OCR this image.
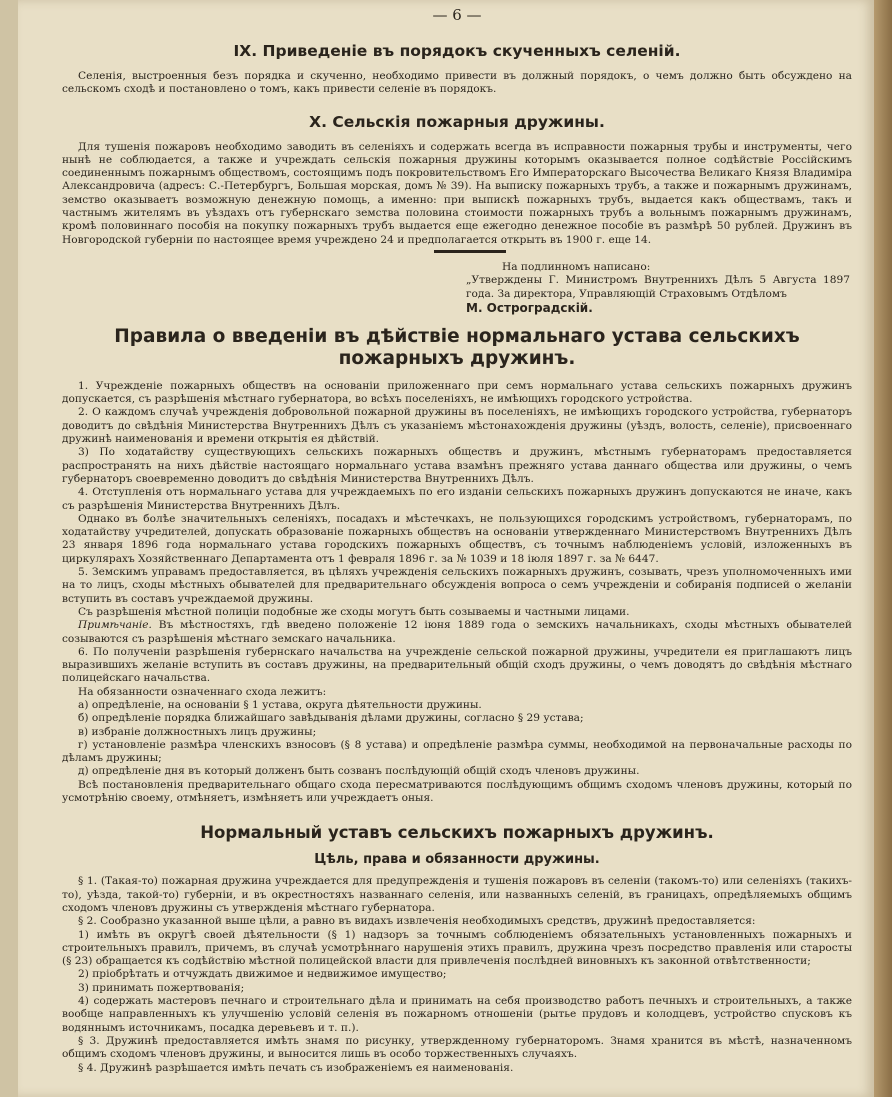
— 6 —
IX. Приведеніе въ порядокъ скученныхъ селеній.

Селенія, выстроенныя безъ порядка и скученно, необходимо привести въ должный порядокъ, о чемъ должно быть обсуждено на сельскомъ сходѣ и постановлено о томъ, какъ привести селеніе въ порядокъ.

X. Сельскія пожарныя дружины.

Для тушенія пожаровъ необходимо заводить въ селеніяхъ и содержать всегда въ исправности пожарныя трубы и инструменты, чего нынѣ не соблюдается, а также и учреждать сельскія пожарныя дружины которымъ оказывается полное содѣйствіе Россійскимъ соединеннымъ пожарнымъ обществомъ, состоящимъ подъ покровительствомъ Его Императорскаго Высочества Великаго Князя Владиміра Александровича (адресъ: С.-Петербургъ, Большая морская, домъ № 39). На выписку пожарныхъ трубъ, а также и пожарнымъ дружинамъ, земство оказываетъ возможную денежную помощь, а именно: при выпискѣ пожарныхъ трубъ, выдается какъ обществамъ, такъ и частнымъ жителямъ въ уѣздахъ отъ губернскаго земства половина стоимости пожарныхъ трубъ а вольнымъ пожарнымъ дружинамъ, кромѣ половиннаго пособія на покупку пожарныхъ трубъ выдается еще ежегодно денежное пособіе въ размѣрѣ 50 рублей. Дружинъ въ Новгородской губерніи по настоящее время учреждено 24 и предполагается открыть въ 1900 г. еще 14.

На подлинномъ написано:

„Утверждены Г. Министромъ Внутреннихъ Дѣлъ 5 Августа 1897 года. За директора, Управляющій Страховымъ Отдѣломъ

М. Остроградскій.

Правила о введеніи въ дѣйствіе нормальнаго устава сельскихъ пожарныхъ дружинъ.

1. Учрежденіе пожарныхъ обществъ на основаніи приложеннаго при семъ нормальнаго устава сельскихъ пожарныхъ дружинъ допускается, съ разрѣшенія мѣстнаго губернатора, во всѣхъ поселеніяхъ, не имѣющихъ городского устройства.

2. О каждомъ случаѣ учрежденія добровольной пожарной дружины въ поселеніяхъ, не имѣющихъ городского устройства, губернаторъ доводитъ до свѣдѣнія Министерства Внутреннихъ Дѣлъ съ указаніемъ мѣстонахожденія дружины (уѣздъ, волость, селеніе), присвоеннаго дружинѣ наименованія и времени открытія ея дѣйствій.

3) По ходатайству существующихъ сельскихъ пожарныхъ обществъ и дружинъ, мѣстнымъ губернаторамъ предоставляется распространять на нихъ дѣйствіе настоящаго нормальнаго устава взамѣнъ прежняго устава даннаго общества или дружины, о чемъ губернаторъ своевременно доводитъ до свѣдѣнія Министерства Внутреннихъ Дѣлъ.

4. Отступленія отъ нормальнаго устава для учреждаемыхъ по его изданіи сельскихъ пожарныхъ дружинъ допускаются не иначе, какъ съ разрѣшенія Министерства Внутреннихъ Дѣлъ.

Однако въ болѣе значительныхъ селеніяхъ, посадахъ и мѣстечкахъ, не пользующихся городскимъ устройствомъ, губернаторамъ, по ходатайству учредителей, допускать образованіе пожарныхъ обществъ на основаніи утвержденнаго Министерствомъ Внутреннихъ Дѣлъ 23 января 1896 года нормальнаго устава городскихъ пожарныхъ обществъ, съ точнымъ наблюденіемъ условій, изложенныхъ въ циркулярахъ Хозяйственнаго Департамента отъ 1 февраля 1896 г. за № 1039 и 18 іюля 1897 г. за № 6447.

5. Земскимъ управамъ предоставляется, въ цѣляхъ учрежденія сельскихъ пожарныхъ дружинъ, созывать, чрезъ уполномоченныхъ ими на то лицъ, сходы мѣстныхъ обывателей для предварительнаго обсужденія вопроса о семъ учрежденіи и собиранія подписей о желаніи вступить въ составъ учреждаемой дружины.

Съ разрѣшенія мѣстной полиціи подобные же сходы могутъ быть созываемы и частными лицами.

Примѣчаніе. Въ мѣстностяхъ, гдѣ введено положеніе 12 іюня 1889 года о земскихъ начальникахъ, сходы мѣстныхъ обывателей созываются съ разрѣшенія мѣстнаго земскаго начальника.

6. По полученіи разрѣшенія губернскаго начальства на учрежденіе сельской пожарной дружины, учредители ея приглашаютъ лицъ выразившихъ желаніе вступить въ составъ дружины, на предварительный общій сходъ дружины, о чемъ доводятъ до свѣдѣнія мѣстнаго полицейскаго начальства.

На обязанности означеннаго схода лежитъ:

а) опредѣленіе, на основаніи § 1 устава, округа дѣятельности дружины.

б) опредѣленіе порядка ближайшаго завѣдыванія дѣлами дружины, согласно § 29 устава;

в) избраніе должностныхъ лицъ дружины;

г) установленіе размѣра членскихъ взносовъ (§ 8 устава) и опредѣленіе размѣра суммы, необходимой на первоначальные расходы по дѣламъ дружины;

д) опредѣленіе дня въ который долженъ быть созванъ послѣдующій общій сходъ членовъ дружины.

Всѣ постановленія предварительнаго общаго схода пересматриваются послѣдующимъ общимъ сходомъ членовъ дружины, который по усмотрѣнію своему, отмѣняетъ, измѣняетъ или учреждаетъ оныя.

Нормальный уставъ сельскихъ пожарныхъ дружинъ.
Цѣль, права и обязанности дружины.

§ 1. (Такая-то) пожарная дружина учреждается для предупрежденія и тушенія пожаровъ въ селеніи (такомъ-то) или селеніяхъ (такихъ-то), уѣзда, такой-то) губерніи, и въ окрестностяхъ названнаго селенія, или названныхъ селеній, въ границахъ, опредѣляемыхъ общимъ сходомъ членовъ дружины съ утвержденія мѣстнаго губернатора.

§ 2. Сообразно указанной выше цѣли, а равно въ видахъ извлеченія необходимыхъ средствъ, дружинѣ предоставляется:

1) имѣть въ округѣ своей дѣятельности (§ 1) надзоръ за точнымъ соблюденіемъ обязательныхъ установленныхъ пожарныхъ и строительныхъ правилъ, причемъ, въ случаѣ усмотрѣннаго нарушенія этихъ правилъ, дружина чрезъ посредство правленія или старосты (§ 23) обращается къ содѣйствію мѣстной полицейской власти для привлеченія послѣдней виновныхъ къ законной отвѣтственности;

2) пріобрѣтать и отчуждать движимое и недвижимое имущество;

3) принимать пожертвованія;

4) содержать мастеровъ печнаго и строительнаго дѣла и принимать на себя производство работъ печныхъ и строительныхъ, а также вообще направленныхъ къ улучшенію условій селенія въ пожарномъ отношеніи (рытье прудовъ и колодцевъ, устройство спусковъ къ водяннымъ источникамъ, посадка деревьевъ и т. п.).

§ 3. Дружинѣ предоставляется имѣть знамя по рисунку, утвержденному губернаторомъ. Знамя хранится въ мѣстѣ, назначенномъ общимъ сходомъ членовъ дружины, и выносится лишь въ особо торжественныхъ случаяхъ.

§ 4. Дружинѣ разрѣшается имѣть печать съ изображеніемъ ея наименованія.
